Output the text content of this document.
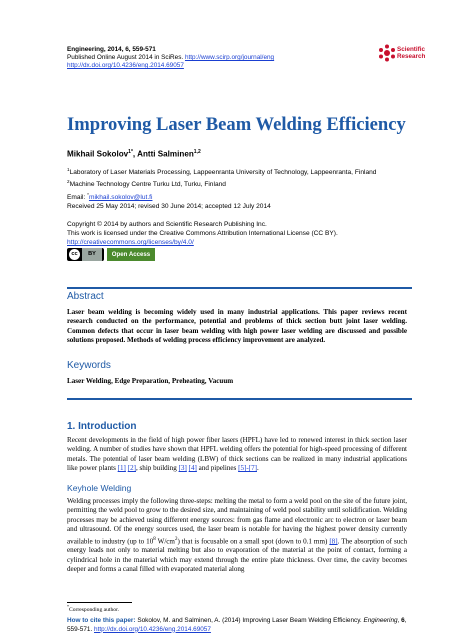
Engineering, 2014, 6, 559-571
Published Online August 2014 in SciRes. http://www.scirp.org/journal/eng
http://dx.doi.org/10.4236/eng.2014.69057
Scientific
Research
Improving Laser Beam Welding Efficiency
Mikhail Sokolov$^{1*}$, Antti Salminen$^{1,2}$
$^1$Laboratory of Laser Materials Processing, Lappeenranta University of Technology, Lappeenranta, Finland
$^2$Machine Technology Centre Turku Ltd, Turku, Finland
Email: *mikhail.sokolov@lut.fi
Received 25 May 2014; revised 30 June 2014; accepted 12 July 2014
Copyright © 2014 by authors and Scientific Research Publishing Inc.
This work is licensed under the Creative Commons Attribution International License (CC BY).
http://creativecommons.org/licenses/by/4.0/
cc	BY	Open Access
Abstract
Laser beam welding is becoming widely used in many industrial applications. This paper reviews recent research conducted on the performance, potential and problems of thick section butt joint laser welding. Common defects that occur in laser beam welding with high power laser welding are discussed and possible solutions proposed. Methods of welding process efficiency improvement are analyzed.
Keywords
Laser Welding, Edge Preparation, Preheating, Vacuum
1. Introduction
Recent developments in the field of high power fiber lasers (HPFL) have led to renewed interest in thick section laser welding. A number of studies have shown that HPFL welding offers the potential for high-speed processing of different metals. The potential of laser beam welding (LBW) of thick sections can be realized in many industrial applications like power plants [1] [2], ship building [3] [4] and pipelines [5]-[7].
Keyhole Welding
Welding processes imply the following three-steps: melting the metal to form a weld pool on the site of the future joint, permitting the weld pool to grow to the desired size, and maintaining of weld pool stability until solidification. Welding processes may be achieved using different energy sources: from gas flame and electronic arc to electron or laser beam and ultrasound. Of the energy sources used, the laser beam is notable for having the highest power density currently available to industry (up to $10^8$ $W/cm^2$) that is focusable on a small spot (down to 0.1 mm) [8]. The absorption of such energy leads not only to material melting but also to evaporation of the material at the point of contact, forming a cylindrical hole in the material which may extend through the entire plate thickness. Over time, the cavity becomes deeper and forms a canal filled with evaporated material along
*Corresponding author.
How to cite this paper: Sokolov, M. and Salminen, A. (2014) Improving Laser Beam Welding Efficiency. Engineering, 6, 559-571. http://dx.doi.org/10.4236/eng.2014.69057
